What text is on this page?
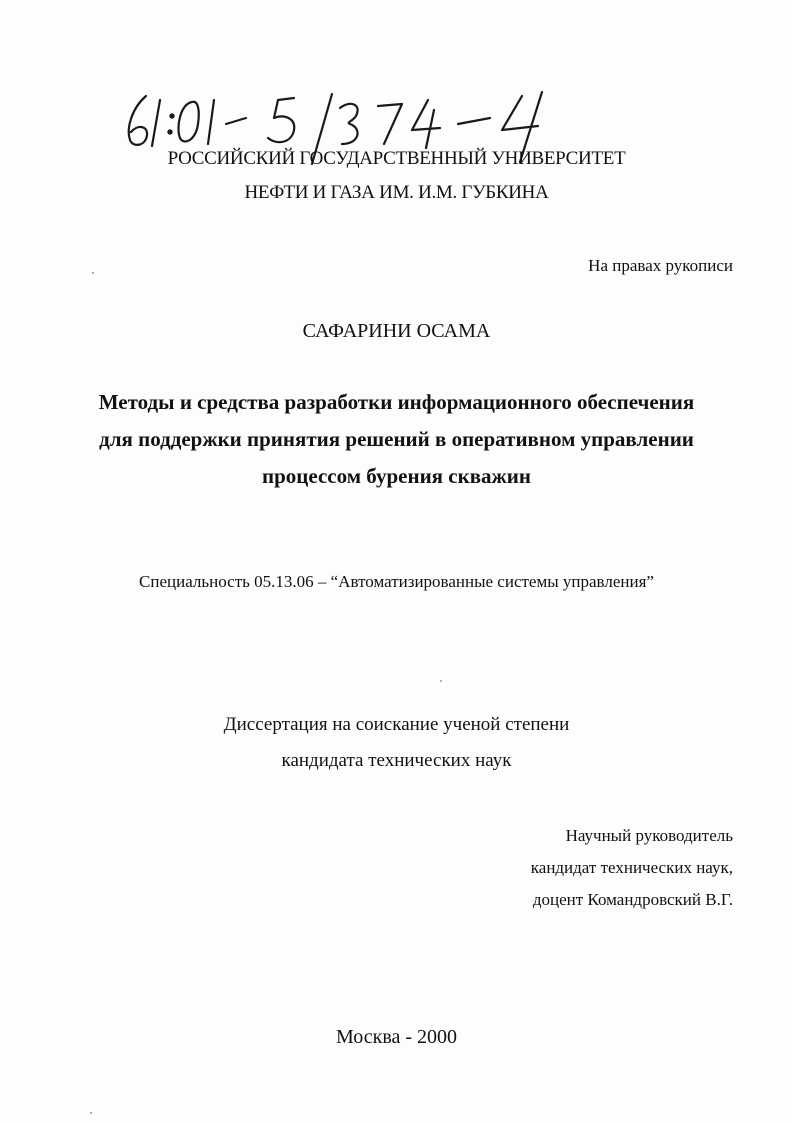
РОССИЙСКИЙ ГОСУДАРСТВЕННЫЙ УНИВЕРСИТЕТ
НЕФТИ И ГАЗА ИМ. И.М. ГУБКИНА
На правах рукописи
САФАРИНИ ОСАМА
Методы и средства разработки информационного обеспечения
для поддержки принятия решений в оперативном управлении
процессом бурения скважин
Специальность 05.13.06 – “Автоматизированные системы управления”
Диссертация на соискание ученой степени
кандидата технических наук
Научный руководитель
кандидат технических наук,
доцент Командровский В.Г.
Москва - 2000
